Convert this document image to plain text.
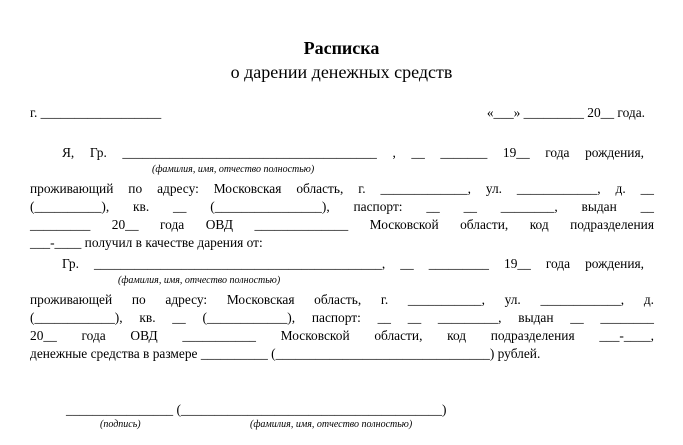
Расписка
о дарении денежных средств
г. __________________	«___» _________ 20__ года.
Я, Гр. ______________________________________ , __ _______ 19__ года рождения,
(фамилия, имя, отчество полностью)
проживающий по адресу: Московская область, г. _____________, ул. ____________, д. __
(__________), кв. __ (________________), паспорт: __ __ ________, выдан __
_________ 20__ года ОВД ______________ Московской области, код подразделения
___-____ получил в качестве дарения от:
Гр. ___________________________________________, __ _________ 19__ года рождения,
(фамилия, имя, отчество полностью)
проживающей по адресу: Московская область, г. ___________, ул. ____________, д.
(____________), кв. __ (____________), паспорт: __ __ _________, выдан __ ________
20__ года ОВД ___________ Московской области, код подразделения ___-____,
денежные средства в размере __________ (________________________________) рублей.
________________ (_______________________________________)
(подпись)	(фамилия, имя, отчество полностью)
